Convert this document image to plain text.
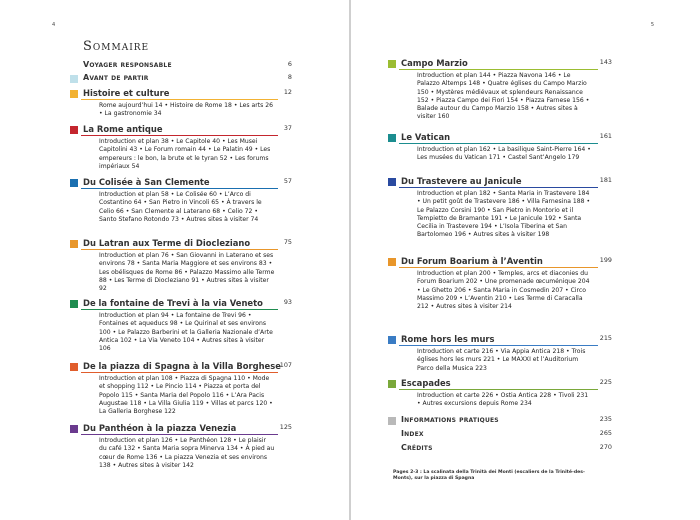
4
Sommaire
Voyager responsable	6
Avant de partir	8
Histoire et culture	12
Rome aujourd’hui 14 • Histoire de Rome 18 • Les arts 26 • La gastronomie 34
La Rome antique	37
Introduction et plan 38 • Le Capitole 40 • Les Musei Capitolini 43 • Le Forum romain 44 • Le Palatin 49 • Les empereurs : le bon, la brute et le tyran 52 • Les forums impériaux 54
Du Colisée à San Clemente	57
Introduction et plan 58 • Le Colisée 60 • L’Arco di Costantino 64 • San Pietro in Vincoli 65 • À travers le Celio 66 • San Clemente al Laterano 68 • Celio 72 • Santo Stefano Rotondo 73 • Autres sites à visiter 74
Du Latran aux Terme di Diocleziano	75
Introduction et plan 76 • San Giovanni in Laterano et ses environs 78 • Santa Maria Maggiore et ses environs 83 • Les obélisques de Rome 86 • Palazzo Massimo alle Terme 88 • Les Terme di Diocleziano 91 • Autres sites à visiter 92
De la fontaine de Trevi à la via Veneto	93
Introduction et plan 94 • La fontaine de Trevi 96 • Fontaines et aqueducs 98 • Le Quirinal et ses environs 100 • Le Palazzo Barberini et la Galleria Nazionale d’Arte Antica 102 • La Via Veneto 104 • Autres sites à visiter 106
De la piazza di Spagna à la Villa Borghese
107
Introduction et plan 108 • Piazza di Spagna 110 • Mode et shopping 112 • Le Pincio 114 • Piazza et porta del Popolo 115 • Santa Maria del Popolo 116 • L’Ara Pacis Augustae 118 • La Villa Giulia 119 • Villas et parcs 120 • La Galleria Borghese 122
Du Panthéon à la piazza Venezia	125
Introduction et plan 126 • Le Panthéon 128 • Le plaisir du café 132 • Santa Maria sopra Minerva 134 • À pied au cœur de Rome 136 • La piazza Venezia et ses environs 138 • Autres sites à visiter 142
5
Campo Marzio	143
Introduction et plan 144 • Piazza Navona 146 • Le Palazzo Altemps 148 • Quatre églises du Campo Marzio 150 • Mystères médiévaux et splendeurs Renaissance 152 • Piazza Campo dei Fiori 154 • Piazza Farnese 156 • Balade autour du Campo Marzio 158 • Autres sites à visiter 160
Le Vatican	161
Introduction et plan 162 • La basilique Saint-Pierre 164 • Les musées du Vatican 171 • Castel Sant’Angelo 179
Du Trastevere au Janicule	181
Introduction et plan 182 • Santa Maria in Trastevere 184 • Un petit goût de Trastevere 186 • Villa Farnesina 188 • Le Palazzo Corsini 190 • San Pietro in Montorio et il Tempietto de Bramante 191 • Le Janicule 192 • Santa Cecilia in Trastevere 194 • L’Isola Tiberina et San Bartolomeo 196 • Autres sites à visiter 198
Du Forum Boarium à l’Aventin	199
Introduction et plan 200 • Temples, arcs et diaconies du Forum Boarium 202 • Une promenade œcuménique 204 • Le Ghetto 206 • Santa Maria in Cosmedin 207 • Circo Massimo 209 • L’Aventin 210 • Les Terme di Caracalla 212 • Autres sites à visiter 214
Rome hors les murs	215
Introduction et carte 216 • Via Appia Antica 218 • Trois églises hors les murs 221 • Le MAXXI et l’Auditorium Parco della Musica 223
Escapades	225
Introduction et carte 226 • Ostia Antica 228 • Tivoli 231 • Autres excursions depuis Rome 234
Informations pratiques	235
Index	265
Crédits	270
Pages 2-3 : La scalinata della Trinità dei Monti (escaliers de la Trinité-des-Monts), sur la piazza di Spagna
